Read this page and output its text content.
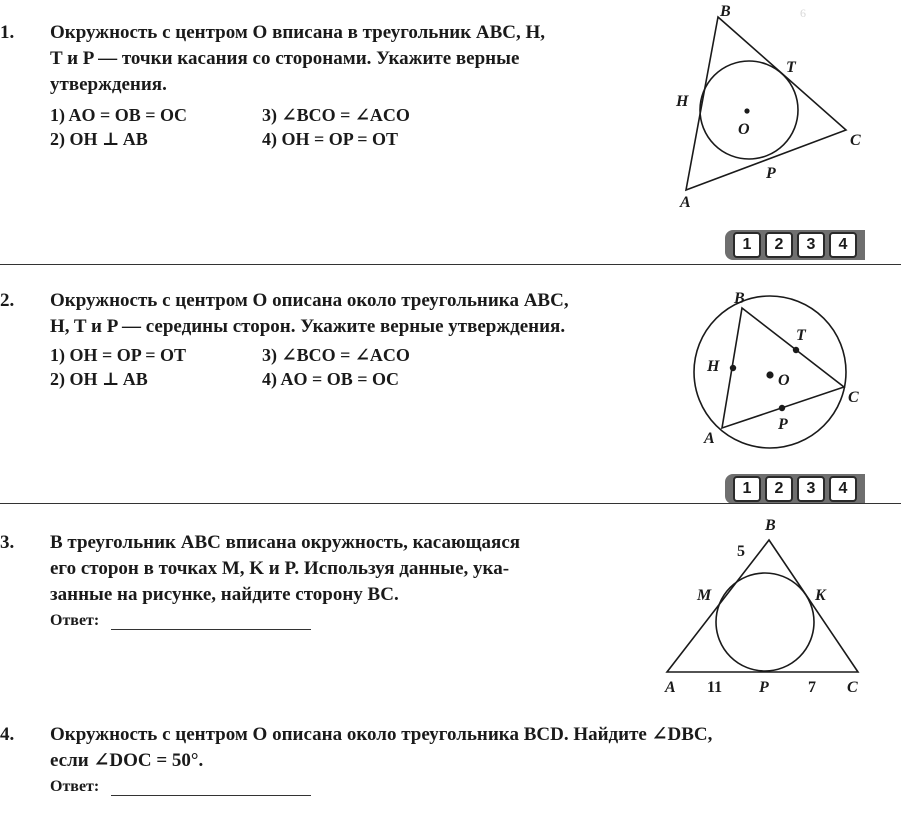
6
1. Окружность с центром O вписана в треугольник ABC, H,
T и P — точки касания со сторонами. Укажите верные
утверждения.
1) AO = OB = OC
2) OH ⊥ AB
3) ∠BCO = ∠ACO
4) OH = OP = OT
B
T
H
O
C
P
A
1	2	3	4
2. Окружность с центром O описана около треугольника ABC,
H, T и P — середины сторон. Укажите верные утверждения.
1) OH = OP = OT
2) OH ⊥ AB
3) ∠BCO = ∠ACO
4) AO = OB = OC
B
T
H
O
C
A
P
1	2	3	4
3. В треугольник ABC вписана окружность, касающаяся
его сторон в точках M, K и P. Используя данные, ука-
занные на рисунке, найдите сторону BC.
Ответ:
B
5
M	K
A 11 P 7 C
4. Окружность с центром O описана около треугольника BCD. Найдите ∠DBC,
если ∠DOC = 50°.
Ответ:
